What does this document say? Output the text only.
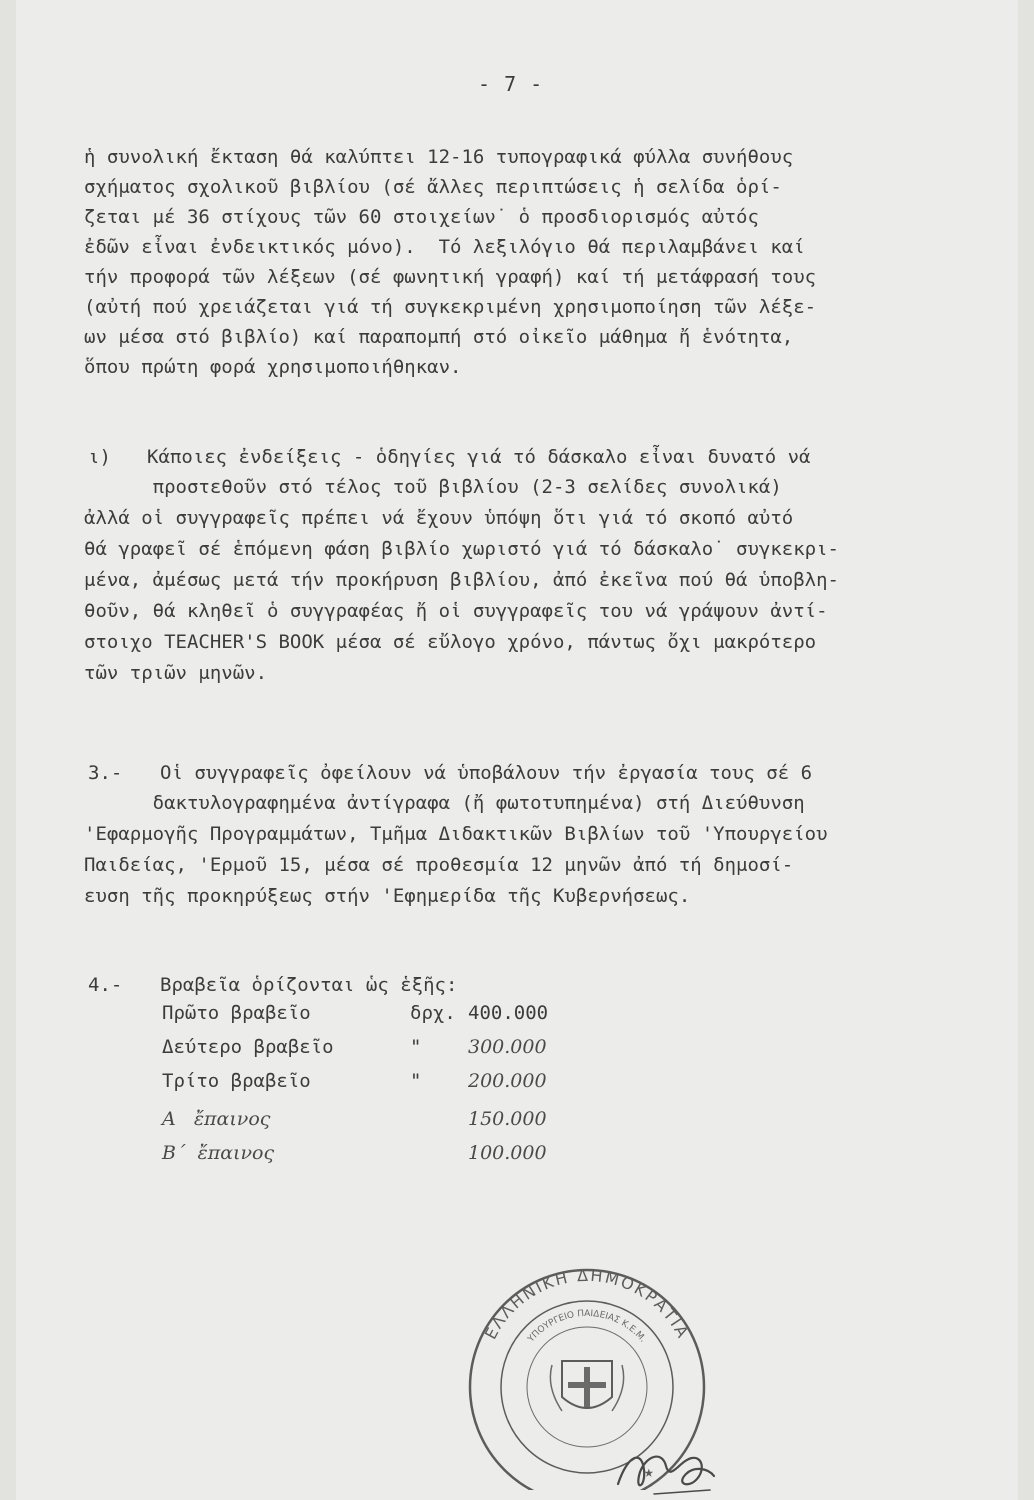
- 7 -

ἡ συνολική ἔκταση θά καλύπτει 12-16 τυπογραφικά φύλλα συνήθους
σχήματος σχολικοῦ βιβλίου (σέ ἄλλες περιπτώσεις ἡ σελίδα ὁρί-
ζεται μέ 36 στίχους τῶν 60 στοιχείων˙ ὁ προσδιορισμός αὐτός
ἐδῶν εἶναι ἐνδεικτικός μόνο).  Τό λεξιλόγιο θά περιλαμβάνει καί
τήν προφορά τῶν λέξεων (σέ φωνητική γραφή) καί τή μετάφρασή τους
(αὐτή πού χρειάζεται γιά τή συγκεκριμένη χρησιμοποίηση τῶν λέξε-
ων μέσα στό βιβλίο) καί παραπομπή στό οἰκεῖο μάθημα ἤ ἑνότητα,
ὅπου πρώτη φορά χρησιμοποιήθηκαν.

ι) Κάποιες ἐνδείξεις - ὁδηγίες γιά τό δάσκαλο εἶναι δυνατό νά

προστεθοῦν στό τέλος τοῦ βιβλίου (2-3 σελίδες συνολικά)
ἀλλά οἱ συγγραφεῖς πρέπει νά ἔχουν ὑπόψη ὅτι γιά τό σκοπό αὐτό
θά γραφεῖ σέ ἑπόμενη φάση βιβλίο χωριστό γιά τό δάσκαλο˙ συγκεκρι-
μένα, ἀμέσως μετά τήν προκήρυση βιβλίου, ἀπό ἐκεῖνα πού θά ὑποβλη-
θοῦν, θά κληθεῖ ὁ συγγραφέας ἤ οἱ συγγραφεῖς του νά γράψουν ἀντί-
στοιχο TEACHER'S BOOK μέσα σέ εὔλογο χρόνο, πάντως ὄχι μακρότερο
τῶν τριῶν μηνῶν.

3.- Οἱ συγγραφεῖς ὀφείλουν νά ὑποβάλουν τήν ἐργασία τους σέ 6

δακτυλογραφημένα ἀντίγραφα (ἤ φωτοτυπημένα) στή Διεύθυνση
'Εφαρμογῆς Προγραμμάτων, Τμῆμα Διδακτικῶν Βιβλίων τοῦ 'Υπουργείου
Παιδείας, 'Ερμοῦ 15, μέσα σέ προθεσμία 12 μηνῶν ἀπό τή δημοσί-
ευση τῆς προκηρύξεως στήν 'Εφημερίδα τῆς Κυβερνήσεως.

4.- Βραβεῖα ὁρίζονται ὡς ἑξῆς:
Πρῶτο βραβεῖο	δρχ. 400.000
Δεύτερο βραβεῖο	" 300.000
Τρίτο βραβεῖο	" 200.000
Α   ἔπαινος	150.000
Β΄  ἔπαινος	100.000
ΕΛΛΗΝΙΚΗ ΔΗΜΟΚΡΑΤΙΑ
ΥΠΟΥΡΓΕΙΟ ΠΑΙΔΕΙΑΣ Κ.Ε.Μ.
★
